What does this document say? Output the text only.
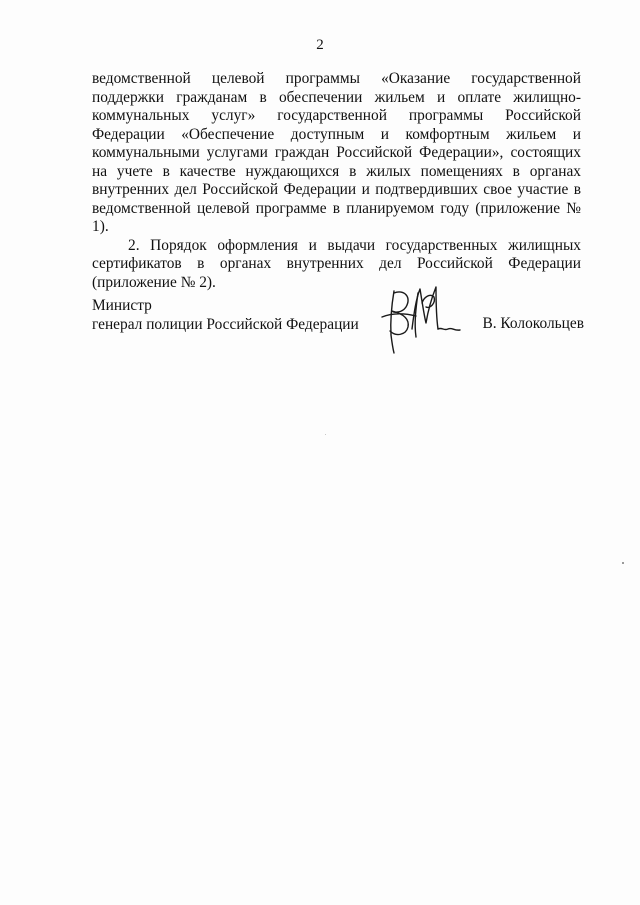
2

ведомственной целевой программы «Оказание государственной поддержки гражданам в обеспечении жильем и оплате жилищно-коммунальных услуг» государственной программы Российской Федерации «Обеспечение доступным и комфортным жильем и коммунальными услугами граждан Российской Федерации», состоящих на учете в качестве нуждающихся в жилых помещениях в органах внутренних дел Российской Федерации и подтвердивших свое участие в ведомственной целевой программе в планируемом году (приложение № 1).

2. Порядок оформления и выдачи государственных жилищных сертификатов в органах внутренних дел Российской Федерации (приложение № 2).

Министр
генерал полиции Российской Федерации	В. Колокольцев
